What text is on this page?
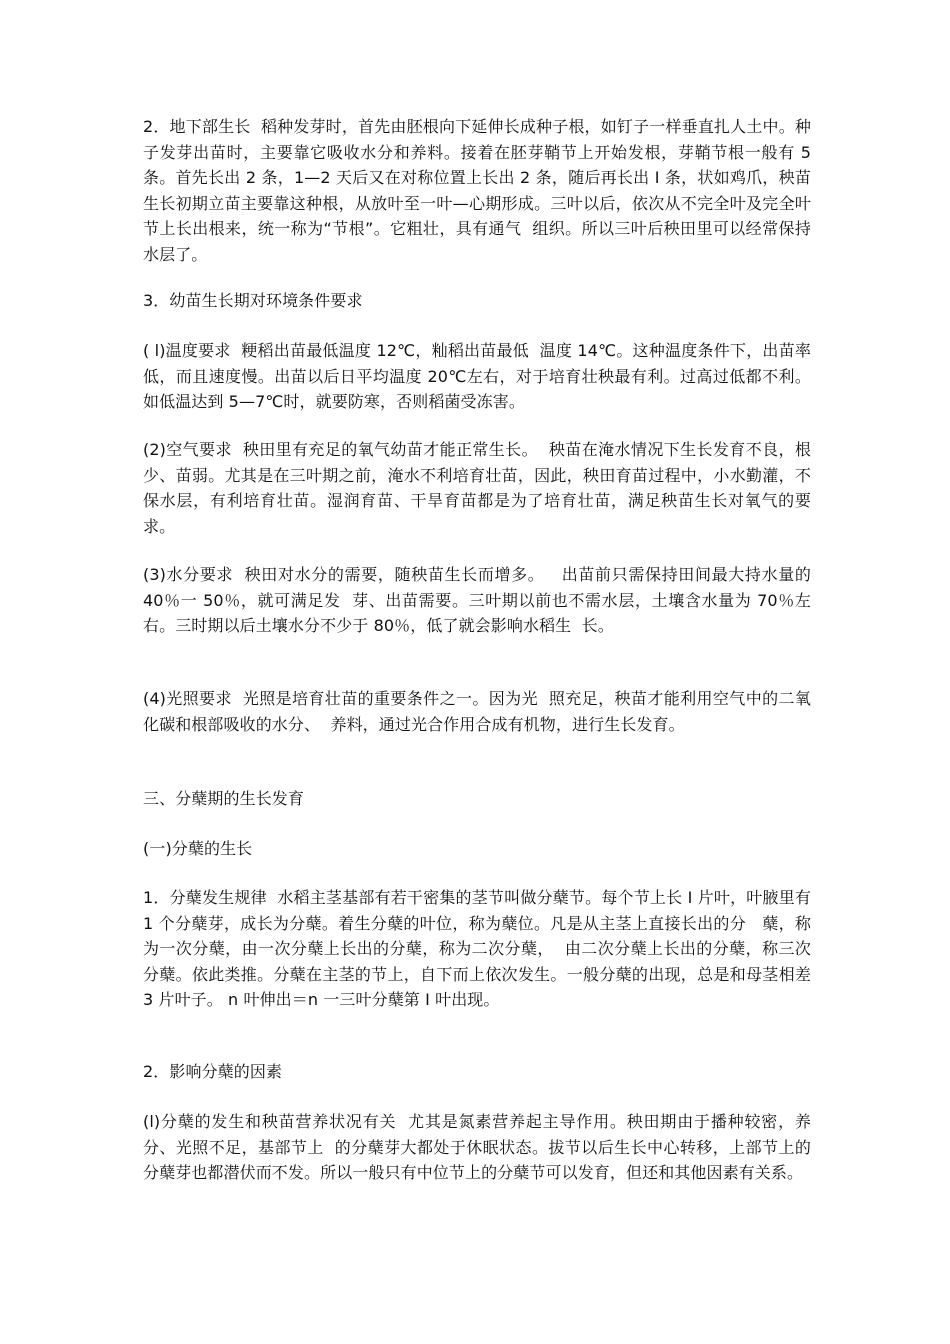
2．地下部生长  稻种发芽时，首先由胚根向下延伸长成种子根，如钉子一样垂直扎人土中。种子发芽出苗时，主要靠它吸收水分和养料。接着在胚芽鞘节上开始发根，芽鞘节根一般有 5 条。首先长出 2 条，1—2 天后又在对称位置上长出 2 条，随后再长出 I 条，状如鸡爪，秧苗生长初期立苗主要靠这种根，从放叶至一叶—心期形成。三叶以后，依次从不完全叶及完全叶节上长出根来，统一称为“节根”。它粗壮，具有通气  组织。所以三叶后秧田里可以经常保持水层了。

3．幼苗生长期对环境条件要求

( l)温度要求  粳稻出苗最低温度 12℃，籼稻出苗最低  温度 14℃。这种温度条件下，出苗率低，而且速度慢。出苗以后日平均温度 20℃左右，对于培育壮秧最有利。过高过低都不利。如低温达到 5—7℃时，就要防寒，否则稻菌受冻害。

(2)空气要求  秧田里有充足的氧气幼苗才能正常生长。  秧苗在淹水情况下生长发育不良，根少、苗弱。尤其是在三叶期之前，淹水不利培育壮苗，因此，秧田育苗过程中，小水勤灌，不保水层，有利培育壮苗。湿润育苗、干旱育苗都是为了培育壮苗，满足秧苗生长对氧气的要求。

(3)水分要求  秧田对水分的需要，随秧苗生长而增多。   出苗前只需保持田间最大持水量的 40％一 50％，就可满足发  芽、出苗需要。三叶期以前也不需水层，土壤含水量为 70％左  右。三时期以后土壤水分不少于 80％，低了就会影响水稻生  长。

(4)光照要求  光照是培育壮苗的重要条件之一。因为光  照充足，秧苗才能利用空气中的二氧化碳和根部吸收的水分、  养料，通过光合作用合成有机物，进行生长发育。

三、分蘖期的生长发育

(一)分蘖的生长

1．分蘖发生规律  水稻主茎基部有若干密集的茎节叫做分蘖节。每个节上长 I 片叶，叶腋里有 1 个分蘖芽，成长为分蘖。着生分蘖的叶位，称为蘖位。凡是从主茎上直接长出的分   蘖，称为一次分蘖，由一次分蘖上长出的分蘖，称为二次分蘖，  由二次分蘖上长出的分蘖，称三次分蘖。依此类推。分蘖在主茎的节上，自下而上依次发生。一般分蘖的出现，总是和母茎相差 3 片叶子。 n 叶伸出＝n 一三叶分蘖第 I 叶出现。

2．影响分蘖的因素

(l)分蘖的发生和秧苗营养状况有关  尤其是氮素营养起主导作用。秧田期由于播种较密，养分、光照不足，基部节上  的分蘖芽大都处于休眠状态。拔节以后生长中心转移，上部节上的分蘖芽也都潜伏而不发。所以一般只有中位节上的分蘖节可以发育，但还和其他因素有关系。
